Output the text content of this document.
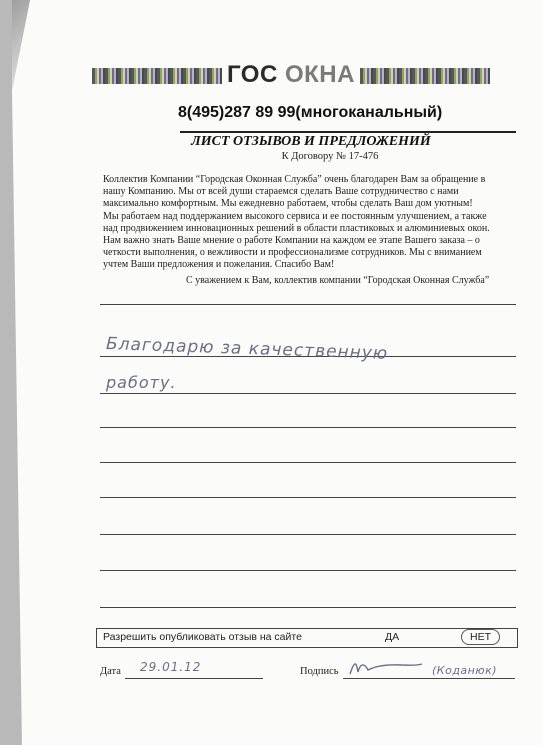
ГОС ОКНА
8(495)287 89 99(многоканальный)
ЛИСТ ОТЗЫВОВ И ПРЕДЛОЖЕНИЙ
К Договору № 17-476

Коллектив Компании “Городская Оконная Служба” очень благодарен Вам за обращение в

нашу Компанию. Мы от всей души стараемся сделать Ваше сотрудничество с нами

максимально комфортным. Мы ежедневно работаем, чтобы сделать Ваш дом уютным!

Мы работаем над поддержанием высокого сервиса и ее постоянным улучшением, а также

над продвижением инновационных решений в области пластиковых и алюминиевых окон.

Нам важно знать Ваше мнение о работе Компании на каждом ее этапе Вашего заказа – о

четкости выполнения, о вежливости и профессионализме сотрудников. Мы с вниманием

учтем Ваши предложения и пожелания. Спасибо Вам!

С уважением к Вам, коллектив компании “Городская Оконная Служба”
Благодарю за качественную
работу.
Разрешить опубликовать отзыв на сайте	ДА	НЕТ
Дата 29.01.12	Подпись	(Коданюк)
